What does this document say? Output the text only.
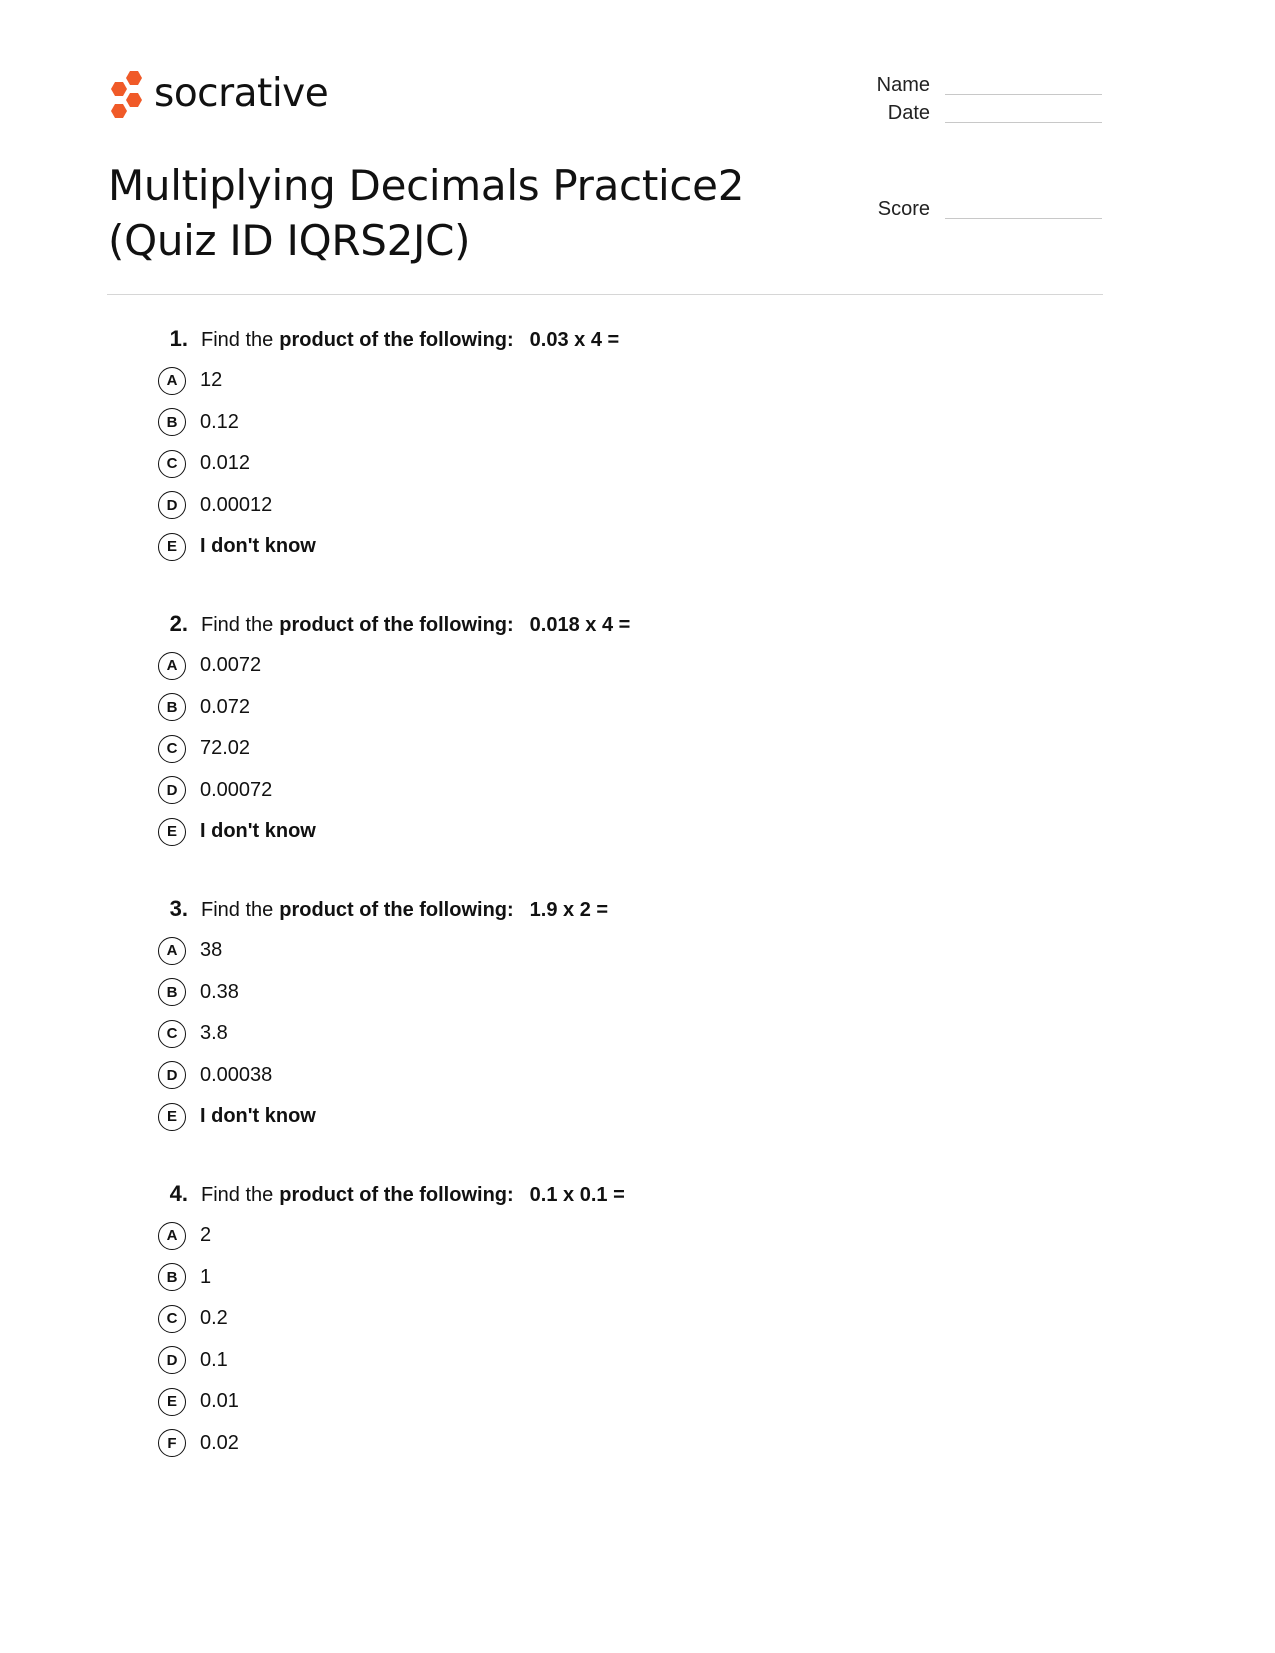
socrative	Name
Date
Score
Multiplying Decimals Practice2 (Quiz ID IQRS2JC)
1. Find the product of the following: 0.03 x 4 =
A	12
B	0.12
C	0.012
D	0.00012
E	I don't know
2. Find the product of the following: 0.018 x 4 =
A	0.0072
B	0.072
C	72.02
D	0.00072
E	I don't know
3. Find the product of the following: 1.9 x 2 =
A	38
B	0.38
C	3.8
D	0.00038
E	I don't know
4. Find the product of the following: 0.1 x 0.1 =
A	2
B	1
C	0.2
D	0.1
E	0.01
F	0.02
